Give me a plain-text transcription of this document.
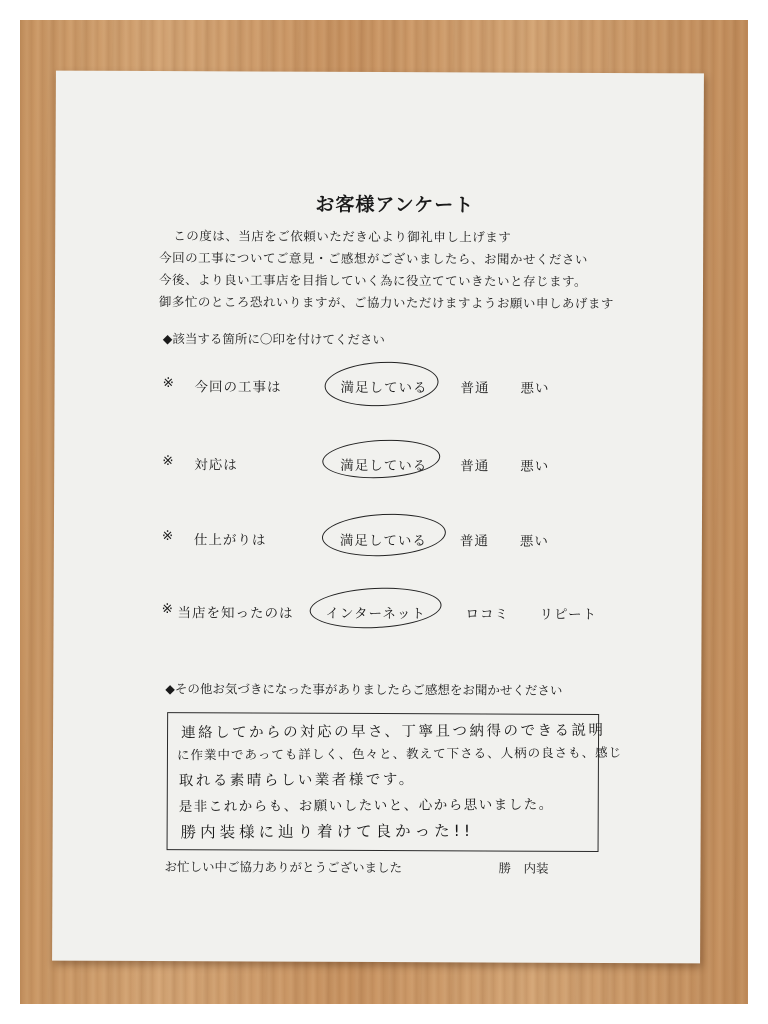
お客様アンケート
この度は、当店をご依頼いただき心より御礼申し上げます
今回の工事についてご意見・ご感想がございましたら、お聞かせください
今後、より良い工事店を目指していく為に役立てていきたいと存じます。
御多忙のところ恐れいりますが、ご協力いただけますようお願い申しあげます
◆該当する箇所に〇印を付けてください
※ 今回の工事は	満足している 普通 悪い
※ 対応は	満足している 普通 悪い
※ 仕上がりは	満足している 普通 悪い
※ 当店を知ったのは インターネット	ロコミ リピート
◆その他お気づきになった事がありましたらご感想をお聞かせください
連絡してからの対応の早さ、丁寧且つ納得のできる説明
に作業中であっても詳しく、色々と、教えて下さる、人柄の良さも、感じ
取れる素晴らしい業者様です。
是非これからも、お願いしたいと、心から思いました。
勝内装様に辿り着けて良かった!!
お忙しい中ご協力ありがとうございました	勝　内装
